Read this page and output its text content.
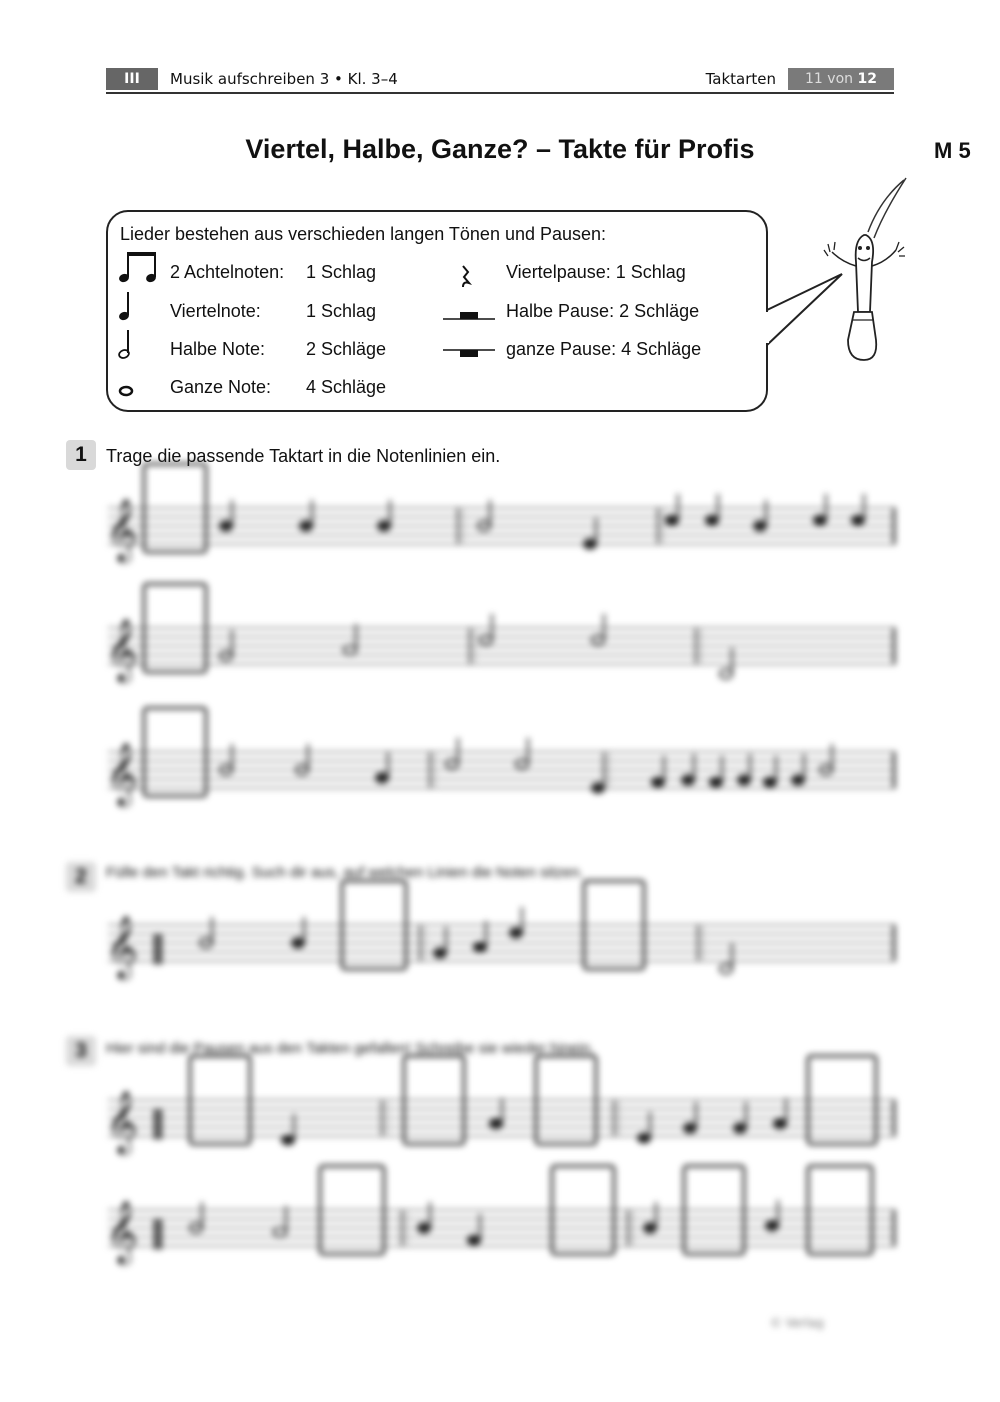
III	Musik aufschreiben 3 • Kl. 3–4	Taktarten	11 von 12
M 5
Viertel, Halbe, Ganze? – Takte für Profis
Lieder bestehen aus verschieden langen Tönen und Pausen:
2 Achtelnoten: 1 Schlag
Viertelnote:	1 Schlag
Halbe Note: 2 Schläge
Ganze Note: 4 Schläge
Viertelpause: 1 Schlag
Halbe Pause: 2 Schläge
ganze Pause: 4 Schläge
1	Trage die passende Taktart in die Notenlinien ein.
𝄞
𝄞
𝄞
𝄞 ‖
𝄞 ‖
𝄞 ‖
2	Fülle den Takt richtig. Such dir aus, auf welchen Linien die Noten sitzen.
3	Hier sind die Pausen aus den Takten gefallen! Schreibe sie wieder hinein.
© Verlag
